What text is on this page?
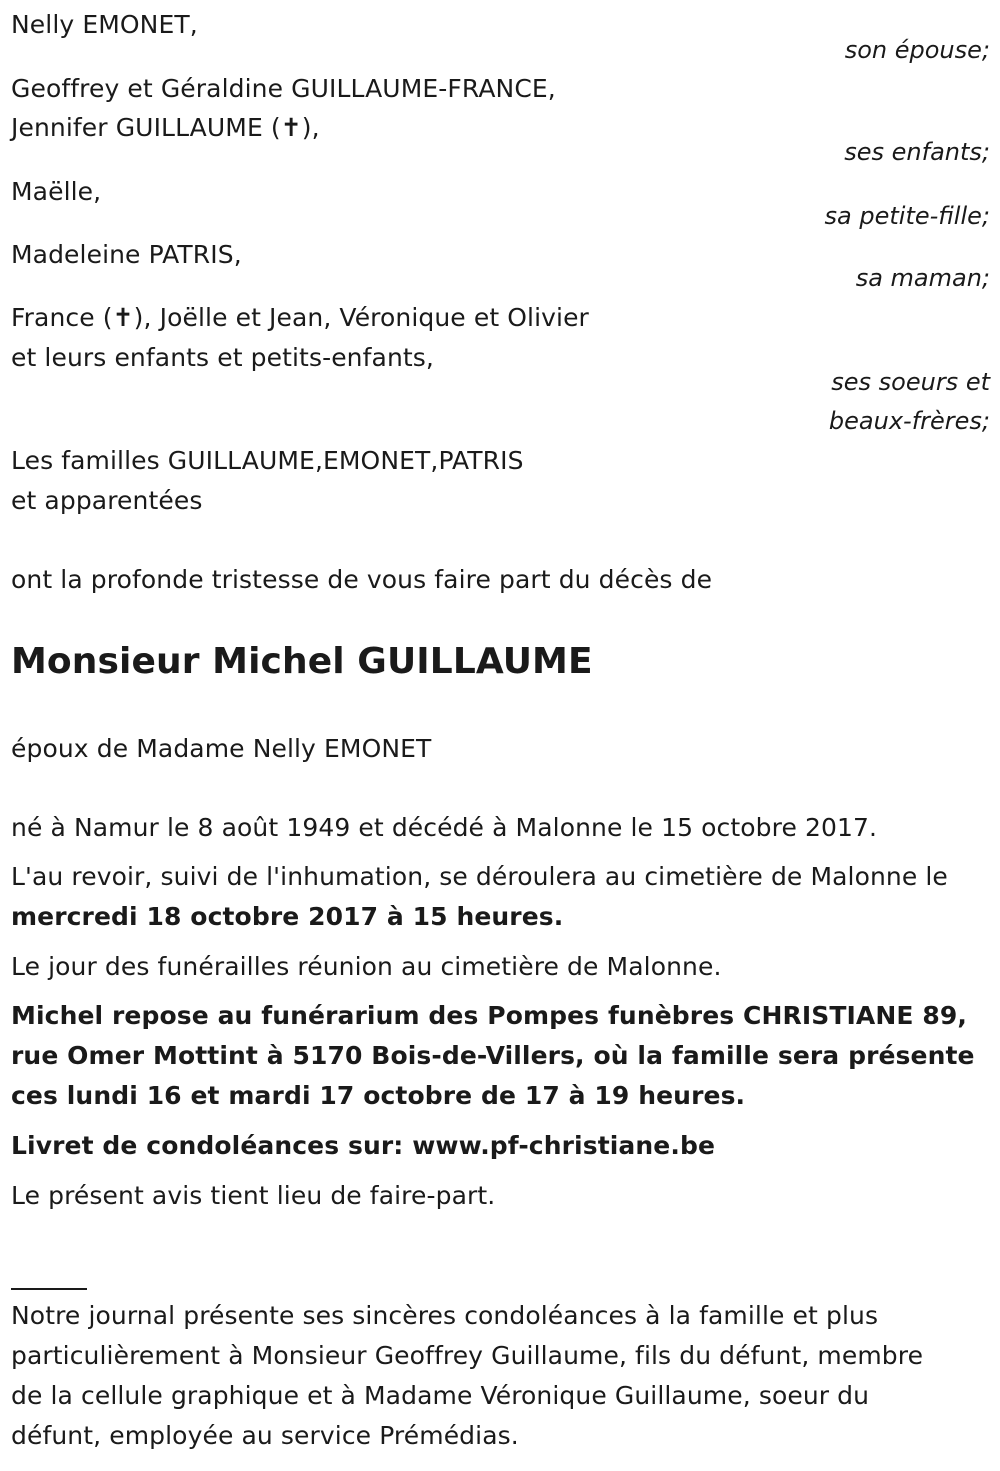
Nelly EMONET,
son épouse;
Geoffrey et Géraldine GUILLAUME-FRANCE,
Jennifer GUILLAUME (✝),
ses enfants;
Maëlle,
sa petite-fille;
Madeleine PATRIS,
sa maman;
France (✝), Joëlle et Jean, Véronique et Olivier
et leurs enfants et petits-enfants,
ses soeurs et
beaux-frères;
Les familles GUILLAUME,EMONET,PATRIS
et apparentées
ont la profonde tristesse de vous faire part du décès de
Monsieur Michel GUILLAUME
époux de Madame Nelly EMONET
né à Namur le 8 août 1949 et décédé à Malonne le 15 octobre 2017.
L'au revoir, suivi de l'inhumation, se déroulera au cimetière de Malonne le
mercredi 18 octobre 2017 à 15 heures.
Le jour des funérailles réunion au cimetière de Malonne.
Michel repose au funérarium des Pompes funèbres CHRISTIANE 89,
rue Omer Mottint à 5170 Bois-de-Villers, où la famille sera présente
ces lundi 16 et mardi 17 octobre de 17 à 19 heures.
Livret de condoléances sur: www.pf-christiane.be
Le présent avis tient lieu de faire-part.
Notre journal présente ses sincères condoléances à la famille et plus
particulièrement à Monsieur Geoffrey Guillaume, fils du défunt, membre
de la cellule graphique et à Madame Véronique Guillaume, soeur du
défunt, employée au service Prémédias.
